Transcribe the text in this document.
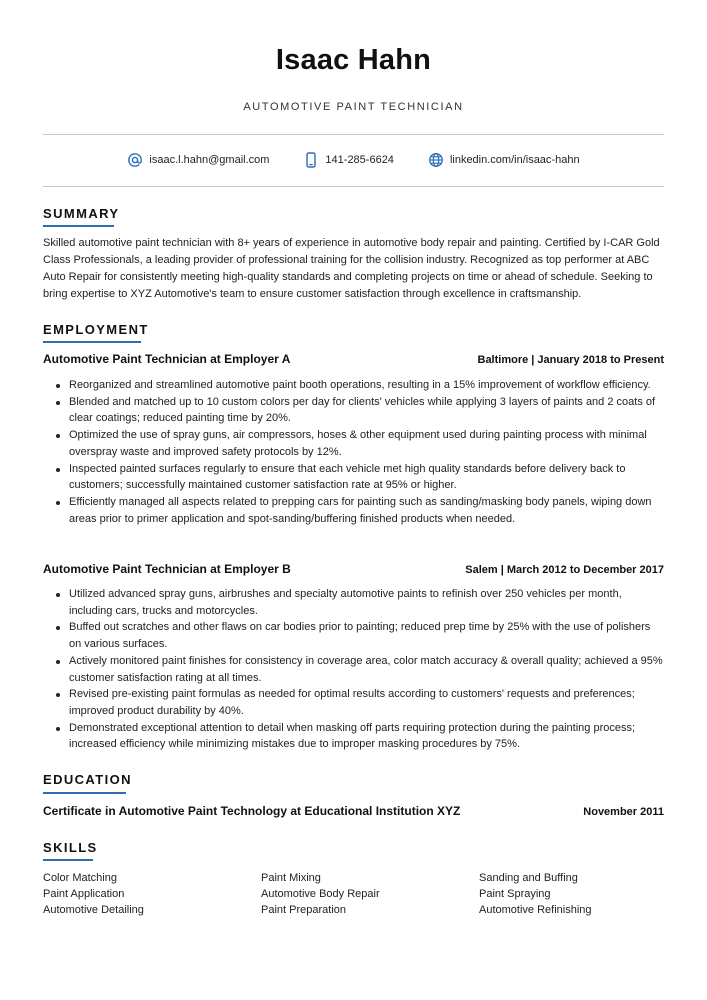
Isaac Hahn
AUTOMOTIVE PAINT TECHNICIAN
isaac.l.hahn@gmail.com	141-285-6624	linkedin.com/in/isaac-hahn
SUMMARY

Skilled automotive paint technician with 8+ years of experience in automotive body repair and painting. Certified by I-CAR Gold Class Professionals, a leading provider of professional training for the collision industry. Recognized as top performer at ABC Auto Repair for consistently meeting high-quality standards and completing projects on time or ahead of schedule. Seeking to bring expertise to XYZ Automotive's team to ensure customer satisfaction through excellence in craftsmanship.

EMPLOYMENT
Automotive Paint Technician at Employer A	Baltimore | January 2018 to Present
Reorganized and streamlined automotive paint booth operations, resulting in a 15% improvement of workflow efficiency.
Blended and matched up to 10 custom colors per day for clients' vehicles while applying 3 layers of paints and 2 coats of clear coatings; reduced painting time by 20%.
Optimized the use of spray guns, air compressors, hoses & other equipment used during painting process with minimal overspray waste and improved safety protocols by 12%.
Inspected painted surfaces regularly to ensure that each vehicle met high quality standards before delivery back to customers; successfully maintained customer satisfaction rate at 95% or higher.
Efficiently managed all aspects related to prepping cars for painting such as sanding/masking body panels, wiping down areas prior to primer application and spot-sanding/buffering finished products when needed.
Automotive Paint Technician at Employer B	Salem | March 2012 to December 2017
Utilized advanced spray guns, airbrushes and specialty automotive paints to refinish over 250 vehicles per month, including cars, trucks and motorcycles.
Buffed out scratches and other flaws on car bodies prior to painting; reduced prep time by 25% with the use of polishers on various surfaces.
Actively monitored paint finishes for consistency in coverage area, color match accuracy & overall quality; achieved a 95% customer satisfaction rating at all times.
Revised pre-existing paint formulas as needed for optimal results according to customers' requests and preferences; improved product durability by 40%.
Demonstrated exceptional attention to detail when masking off parts requiring protection during the painting process; increased efficiency while minimizing mistakes due to improper masking procedures by 75%.
EDUCATION
Certificate in Automotive Paint Technology at Educational Institution XYZ	November 2011
SKILLS
Color Matching	Paint Mixing	Sanding and Buffing
Paint Application	Automotive Body Repair	Paint Spraying
Automotive Detailing	Paint Preparation	Automotive Refinishing
